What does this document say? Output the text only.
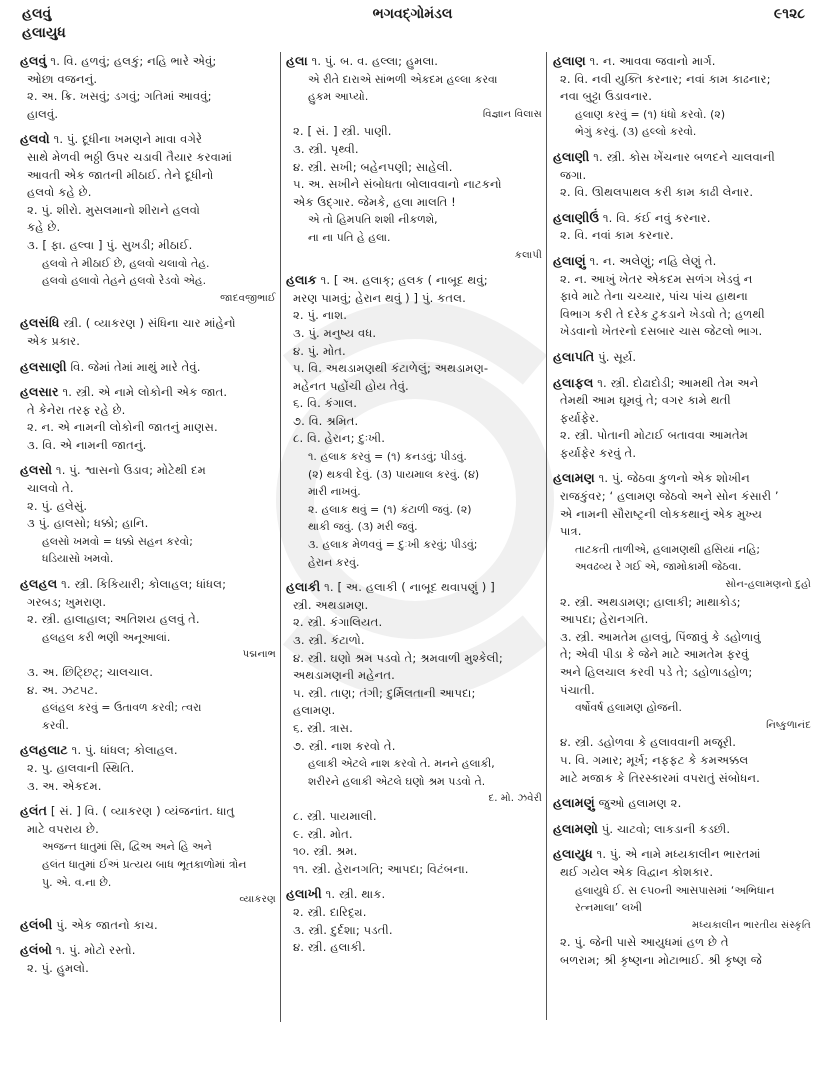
હલવું
હલાયુધ
ભગવદ્ગોમંડલ	૯૧૨૮
હલવું ૧. વિ. હળવું; હલકું; નહિ ભારે એવું;
ઓછા વજનનું.
૨. અ. ક્રિ. ખસવું; ડગવું; ગતિમાં આવવું;
હાલવું.
હલવો ૧. પું. દૂધીના ખમણને માવા વગેરે
સાથે મેળવી ભઠ્ઠી ઉપર ચડાવી તૈયાર કરવામાં
આવતી એક જાતની મીઠાઈ. તેને દૂધીનો
હલવો કહે છે.
૨. પું. શીરો. મુસલમાનો શીરાને હલવો
કહે છે.
૩. [ ફા. હલ્વા ] પું. સુખડી; મીઠાઈ.
હલવો તે મીઠાઈ છે, હલવો ચલાવો તેહ.
હલવો હલાવો તેહને હલવો રેડવો એહ.
જાદવજીભાઈ
હલસંધિ સ્ત્રી. ( વ્યાકરણ ) સંધિના ચાર માંહેનો
એક પ્રકાર.
હલસાણી વિ. જેમાં તેમાં માથું મારે તેવું.
હલસાર ૧. સ્ત્રી. એ નામે લોકોની એક જાત.
તે કેનેરા તરફ રહે છે.
૨. ન. એ નામની લોકોની જાતનું માણસ.
૩. વિ. એ નામની જાતનું.
હલસો ૧. પું. શ્વાસનો ઉડાવ; મોટેથી દમ
ચાલવો તે.
૨. પું. હલેસું.
૩ પું. હાલસો; ધક્કો; હાનિ.
હલસો ખમવો = ધક્કો સહન કરવો;
ધડિયાસો ખમવો.
હલહલ ૧. સ્ત્રી. કિકિયારી; કોલાહલ; ધાંધલ;
ગરબડ; ખુમરાણ.
૨. સ્ત્રી. હાલાહાલ; અતિશય હલવું તે.
હલહલ કરી ભણી અનૂઆલાં.
પદ્મનાભ
૩. અ. છિટ્છિટ્; ચાલચાલ.
૪. અ. ઝટપટ.
હલંહલ કરવું = ઉતાવળ કરવી; ત્વરા
કરવી.
હલહલાટ ૧. પું. ધાંધલ; કોલાહલ.
૨. પુ. હાલવાની સ્થિતિ.
૩. અ. એકદમ.
હલંત [ સં. ] વિ. ( વ્યાકરણ ) વ્યંજનાંત. ધાતુ
માટે વપરાય છે.
અજન્ત ધાતુમાં સિ, દ્વિઅ અને હિ અને
હલંત ધાતુમાં ઈઅં પ્રત્યય બાધ ભૂતકાળોમાં ત્રોન
પુ. એ. વ.ના છે.
વ્યાકરણ
હલંબી પું. એક જાતનો કાચ.
હલંબો ૧. પું. મોટો રસ્તો.
૨. પું. હુમલો.
હલા ૧. પું. બ. વ. હલ્લા; હુમલા.
એ રીતે દારાએ સાંભળી એકદમ હલ્લા કરવા
હુકમ આપ્યો.
વિજ્ઞાન વિલાસ
૨. [ સં. ] સ્ત્રી. પાણી.
૩. સ્ત્રી. પૃથ્વી.
૪. સ્ત્રી. સખી; બહેનપણી; સાહેલી.
૫. અ. સખીને સંબોધતા બોલાવવાનો નાટકનો
એક ઉદ્ગાર. જેમકે, હલા માલતિ !
એ તો હિમપતિ શશી નીકળશે,
ના ના પતિ હે હલા.
કલાપી
હલાક ૧. [ અ. હલાક્; હલક ( નાબૂદ થવું;
મરણ પામવું; હેરાન થવું ) ] પું. કતલ.
૨. પું. નાશ.
૩. પું. મનુષ્ય વધ.
૪. પું. મોત.
૫. વિ. અથડામણથી કંટાળેલું; અથડામણ-
મહેનત પહોંચી હોય તેવું.
૬. વિ. કંગાલ.
૭. વિ. શ્રમિત.
૮. વિ. હેરાન; દુઃખી.
૧. હલાક કરવું = (૧) કનડવું; પીડવું.
(૨) થકવી દેવું. (૩) પાયમાલ કરવું. (૪)
મારી નાખવું.
૨. હલાક થવું = (૧) કંટાળી જવું. (૨)
થાકી જવું. (૩) મરી જવું.
૩. હલાક મેળવવું = દુઃખી કરવું; પીડવું;
હેરાન કરવું.
હલાકી ૧. [ અ. હલાકી ( નાબૂદ થવાપણું ) ]
સ્ત્રી. અથડામણ.
૨. સ્ત્રી. કંગાલિયત.
૩. સ્ત્રી. કંટાળો.
૪. સ્ત્રી. ઘણો શ્રમ પડવો તે; શ્રમવાળી મુશ્કેલી;
અથડામણની મહેનત.
૫. સ્ત્રી. તાણ; તંગી; દુર્મિલતાની આપદા;
હલામણ.
૬. સ્ત્રી. ત્રાસ.
૭. સ્ત્રી. નાશ કરવો તે.
હલાકી એટલે નાશ કરવો તે. મનને હલાકી,
શરીરને હલાકી એટલે ઘણો શ્રમ પડવો તે.
દ. મો. ઝવેરી
૮. સ્ત્રી. પાયમાલી.
૯. સ્ત્રી. મોત.
૧૦. સ્ત્રી. શ્રમ.
૧૧. સ્ત્રી. હેરાનગતિ; આપદા; વિટંબના.
હલાખી ૧. સ્ત્રી. થાક.
૨. સ્ત્રી. દારિદ્ર્ય.
૩. સ્ત્રી. દુર્દશા; પડતી.
૪. સ્ત્રી. હલાકી.
હલાણ ૧. ન. આવવા જવાનો માર્ગ.
૨. વિ. નવી યુક્તિ કરનાર; નવાં કામ કાઢનાર;
નવા બુટ્ટા ઉડાવનાર.
હલાણ કરવું = (૧) ધંધો કરવો. (૨)
ભેગું કરવું. (૩) હલ્લો કરવો.
હલાણી ૧. સ્ત્રી. કોસ ખેંચનાર બળદને ચાલવાની
જગા.
૨. વિ. ઊથલપાથલ કરી કામ કાઢી લેનાર.
હલાણીઉં ૧. વિ. કંઈ નવું કરનાર.
૨. વિ. નવાં કામ કરનાર.
હલાણું ૧. ન. અલેણું; નહિ લેણું તે.
૨. ન. આખું ખેતર એકદમ સળંગ ખેડવું ન
ફાવે માટે તેના ચચ્ચાર, પાંચ પાંચ હાથના
વિભાગ કરી તે દરેક ટુકડાને ખેડવો તે; હળથી
ખેડવાનો ખેતરનો દસબાર ચાસ જેટલો ભાગ.
હલાપતિ પું. સૂર્ય.
હલાફલ ૧. સ્ત્રી. દોઢાદોડી; આમથી તેમ અને
તેમથી આમ ઘૂમવું તે; વગર કામે થતી
ફર્યાફેર.
૨. સ્ત્રી. પોતાની મોટાઈ બતાવવા આમતેમ
ફર્યાફેર કરવું તે.
હલામણ ૧. પું. જેઠવા કુળનો એક શોખીન
રાજકુંવર; ‘ હલામણ જેઠવો અને સોન કંસારી ’
એ નામની સૌરાષ્ટ્રની લોકકથાનું એક મુખ્ય
પાત્ર.
તાટકતી તાળીએ, હલામણથી હસિયાં નહિ;
અવઢવ્ય રે ગઈ એ, જામોકામી જેઠવા.
સોન-હલામણનો દુહો
૨. સ્ત્રી. અથડામણ; હાલાકી; માથાકોડ;
આપદા; હેરાનગતિ.
૩. સ્ત્રી. આમતેમ હાલવું, પિંજાવું કે ડહોળાવું
તે; એવી પીડા કે જેને માટે આમતેમ ફરવું
અને હિલચાલ કરવી પડે તે; ડહોળાડહોળ;
પંચાતી.
વર્ષોવર્ષ હલામણ હોજની.
નિષ્કુળાનંદ
૪. સ્ત્રી. ડહોળવા કે હલાવવાની મજૂરી.
૫. વિ. ગમાર; મૂર્ખ; નફફટ કે કમઅક્કલ
માટે મજાક કે તિરસ્કારમાં વપરાતું સંબોધન.
હલામણું જુઓ હલામણ ૨.
હલામણો પું. ચાટવો; લાકડાની કડછી.
હલાયુધ ૧. પું. એ નામે મધ્યકાલીન ભારતમાં
થઈ ગયેલ એક વિદ્વાન કોશકાર.
હલાયુધે ઈ. સ ૯૫૦ની આસપાસમાં ‘અભિધાન
રત્નમાલા’ લખી
મધ્યકાલીન ભારતીય સંસ્કૃતિ
૨. પું. જેની પાસે આયુધમાં હળ છે તે
બળરામ; શ્રી કૃષ્ણના મોટાભાઈ. શ્રી કૃષ્ણ જે
